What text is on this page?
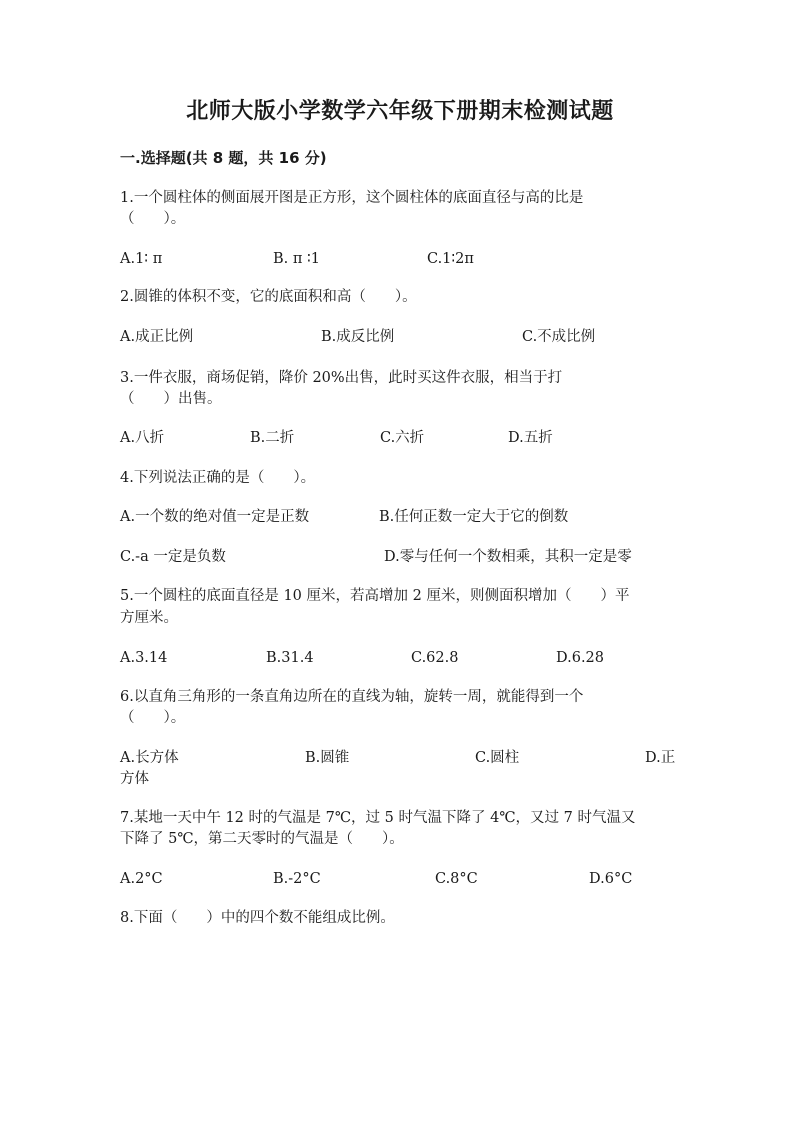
北师大版小学数学六年级下册期末检测试题
一.选择题(共 8 题，共 16 分)
1.一个圆柱体的侧面展开图是正方形，这个圆柱体的底面直径与高的比是
（　　）。
A.1∶ π	B. π ∶1	C.1∶2π
2.圆锥的体积不变，它的底面积和高（　　）。
A.成正比例	B.成反比例	C.不成比例
3.一件衣服，商场促销，降价 20%出售，此时买这件衣服，相当于打
（　　）出售。
A.八折	B.二折	C.六折	D.五折
4.下列说法正确的是（　　）。
A.一个数的绝对值一定是正数	B.任何正数一定大于它的倒数
C.-a 一定是负数	D.零与任何一个数相乘，其积一定是零
5.一个圆柱的底面直径是 10 厘米，若高增加 2 厘米，则侧面积增加（　　）平
方厘米。
A.3.14	B.31.4	C.62.8	D.6.28
6.以直角三角形的一条直角边所在的直线为轴，旋转一周，就能得到一个
（　　）。
A.长方体	B.圆锥	C.圆柱	D.正
方体
7.某地一天中午 12 时的气温是 7℃，过 5 时气温下降了 4℃，又过 7 时气温又
下降了 5℃，第二天零时的气温是（　　）。
A.2°C	B.-2°C	C.8°C	D.6°C
8.下面（　　）中的四个数不能组成比例。
